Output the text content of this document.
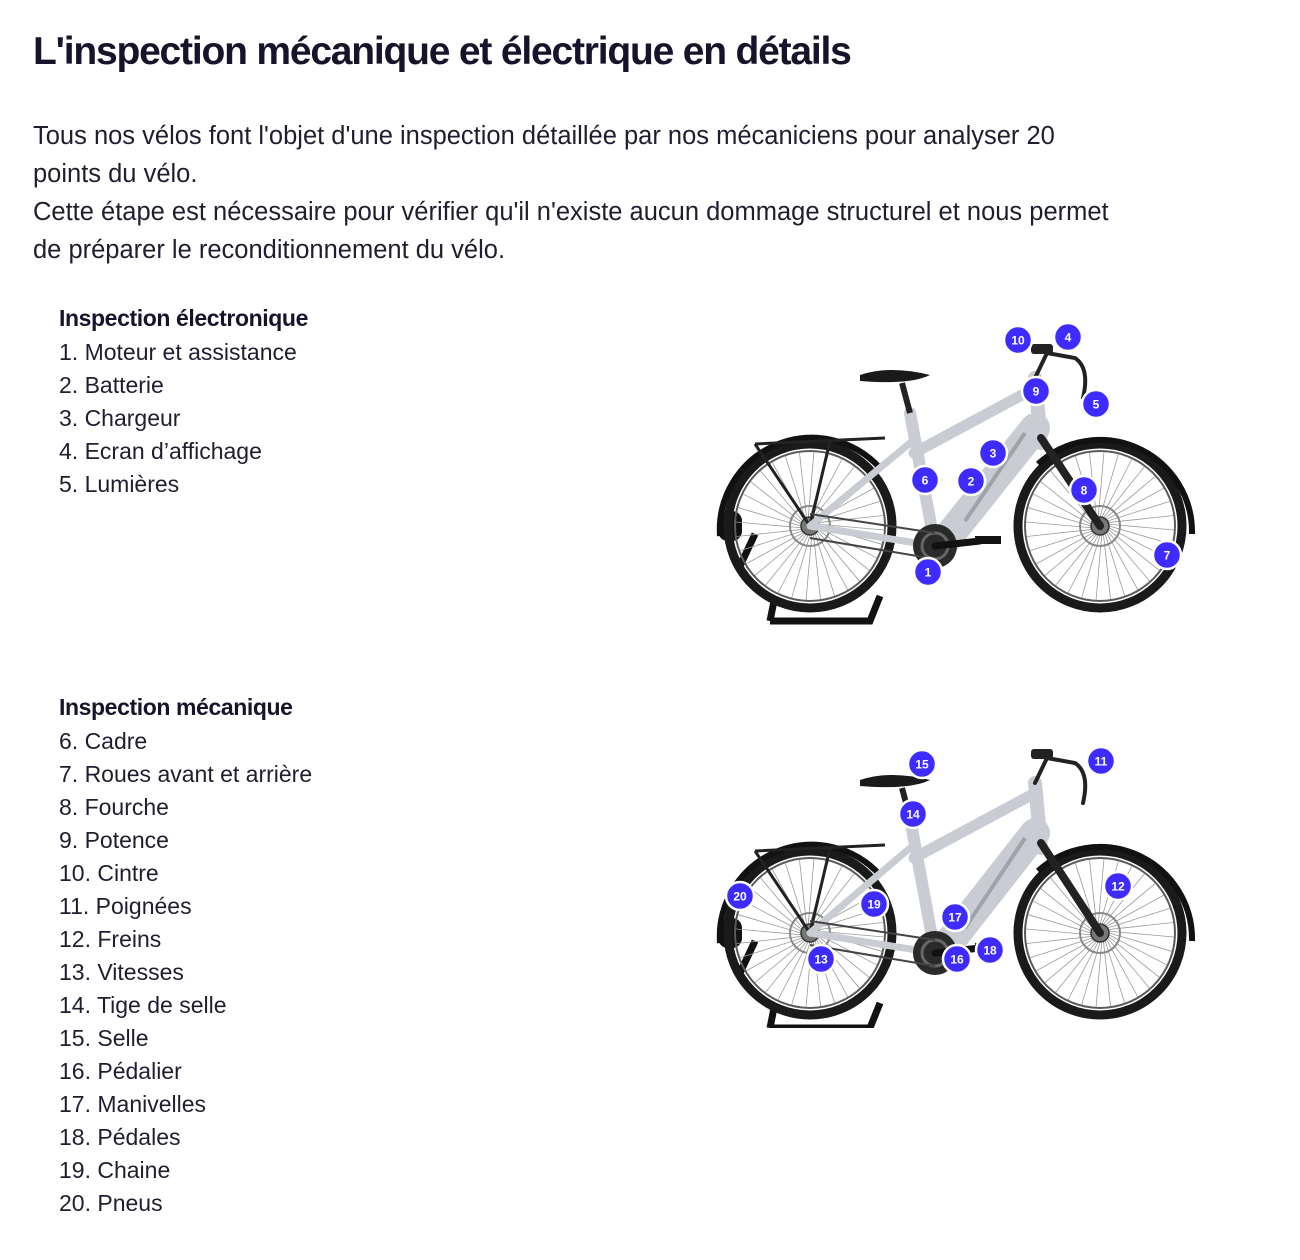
L'inspection mécanique et électrique en détails

Tous nos vélos font l'objet d'une inspection détaillée par nos mécaniciens pour analyser 20
points du vélo.
Cette étape est nécessaire pour vérifier qu'il n'existe aucun dommage structurel et nous permet
de préparer le reconditionnement du vélo.

Inspection électronique
1. Moteur et assistance
2. Batterie
3. Chargeur
4. Ecran d’affichage
5. Lumières
Inspection mécanique
6. Cadre
7. Roues avant et arrière
8. Fourche
9. Potence
10. Cintre
11. Poignées
12. Freins
13. Vitesses
14. Tige de selle
15. Selle
16. Pédalier
17. Manivelles
18. Pédales
19. Chaine
20. Pneus
1
2
3
4
5
6
7
8
9
10
11
12
13
14
15
16
17
18
19
20
